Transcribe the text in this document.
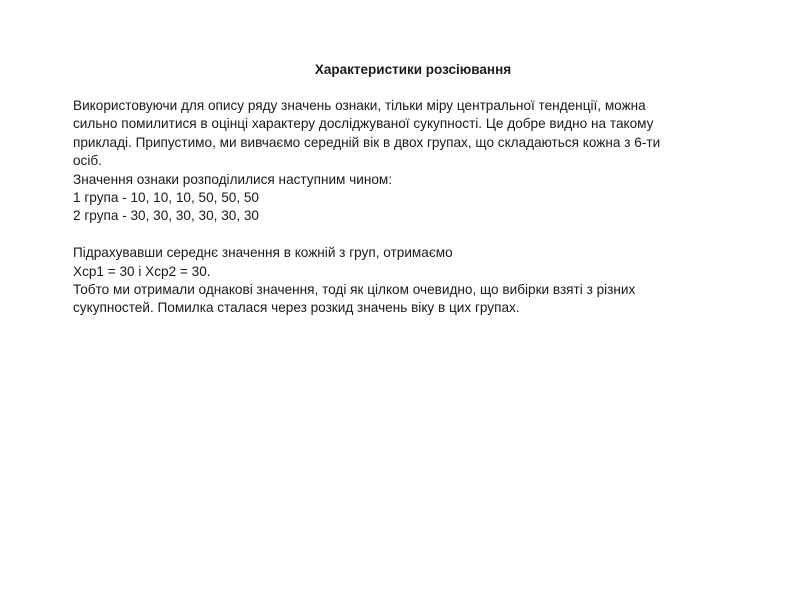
Характеристики розсіювання
Використовуючи для опису ряду значень ознаки, тільки міру центральної тенденції, можна
сильно помилитися в оцінці характеру досліджуваної сукупності. Це добре видно на такому
прикладі. Припустимо, ми вивчаємо середній вік в двох групах, що складаються кожна з 6-ти
осіб.
Значення ознаки розподілилися наступним чином:
1 група - 10, 10, 10, 50, 50, 50
2 група - 30, 30, 30, 30, 30, 30
Підрахувавши середнє значення в кожній з груп, отримаємо
Xср1 = 30 і Xср2 = 30.
Тобто ми отримали однакові значення, тоді як цілком очевидно, що вибірки взяті з різних
сукупностей. Помилка сталася через розкид значень віку в цих групах.
